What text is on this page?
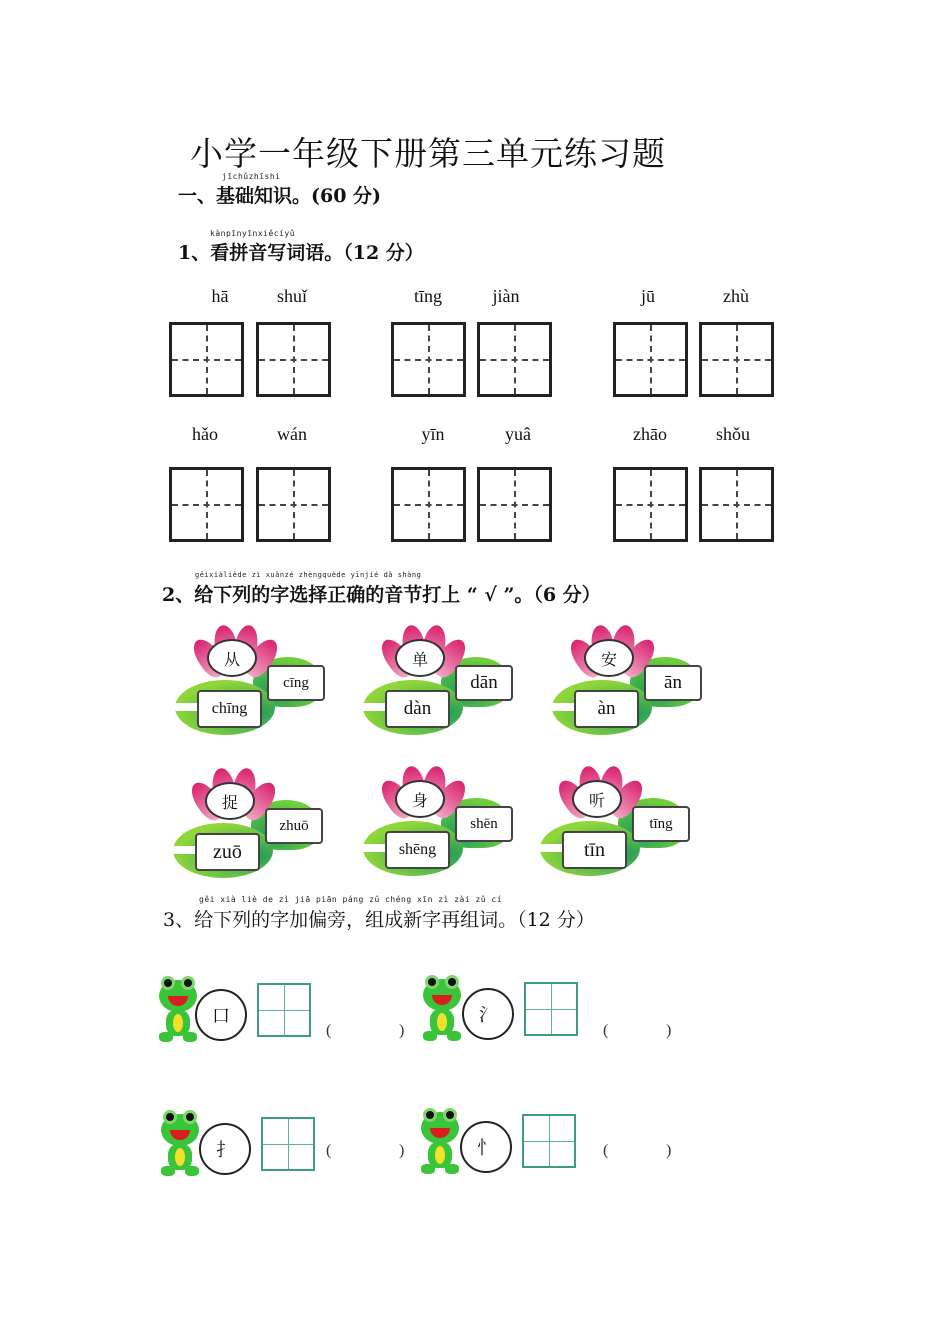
小学一年级下册第三单元练习题
jīchǔzhīshi
一、基础知识。(60 分)
kànpīnyīnxiěcíyǔ
1、看拼音写词语。（12 分）
hā	shuǐ	tīng	jiàn	jū	zhù
hǎo	wán	yīn	yuâ	zhāo	shǒu
gěixiàliède zì xuǎnzé zhèngquède yīnjié dǎ shàng
2、给下列的字选择正确的音节打上 “ √ ”。（6 分）
从
cīng
chīng
单
dān
dàn
安
ān
àn
捉
zhuō
zuō
身
shēn
shēng
听
tīng
tīn
gěi xià liè de zì jiā piān páng zǔ chéng xīn zì zài zǔ cí
3、给下列的字加偏旁，组成新字再组词。（12 分）
口
(	)
氵
(	)
扌	(	)	忄	(	)
